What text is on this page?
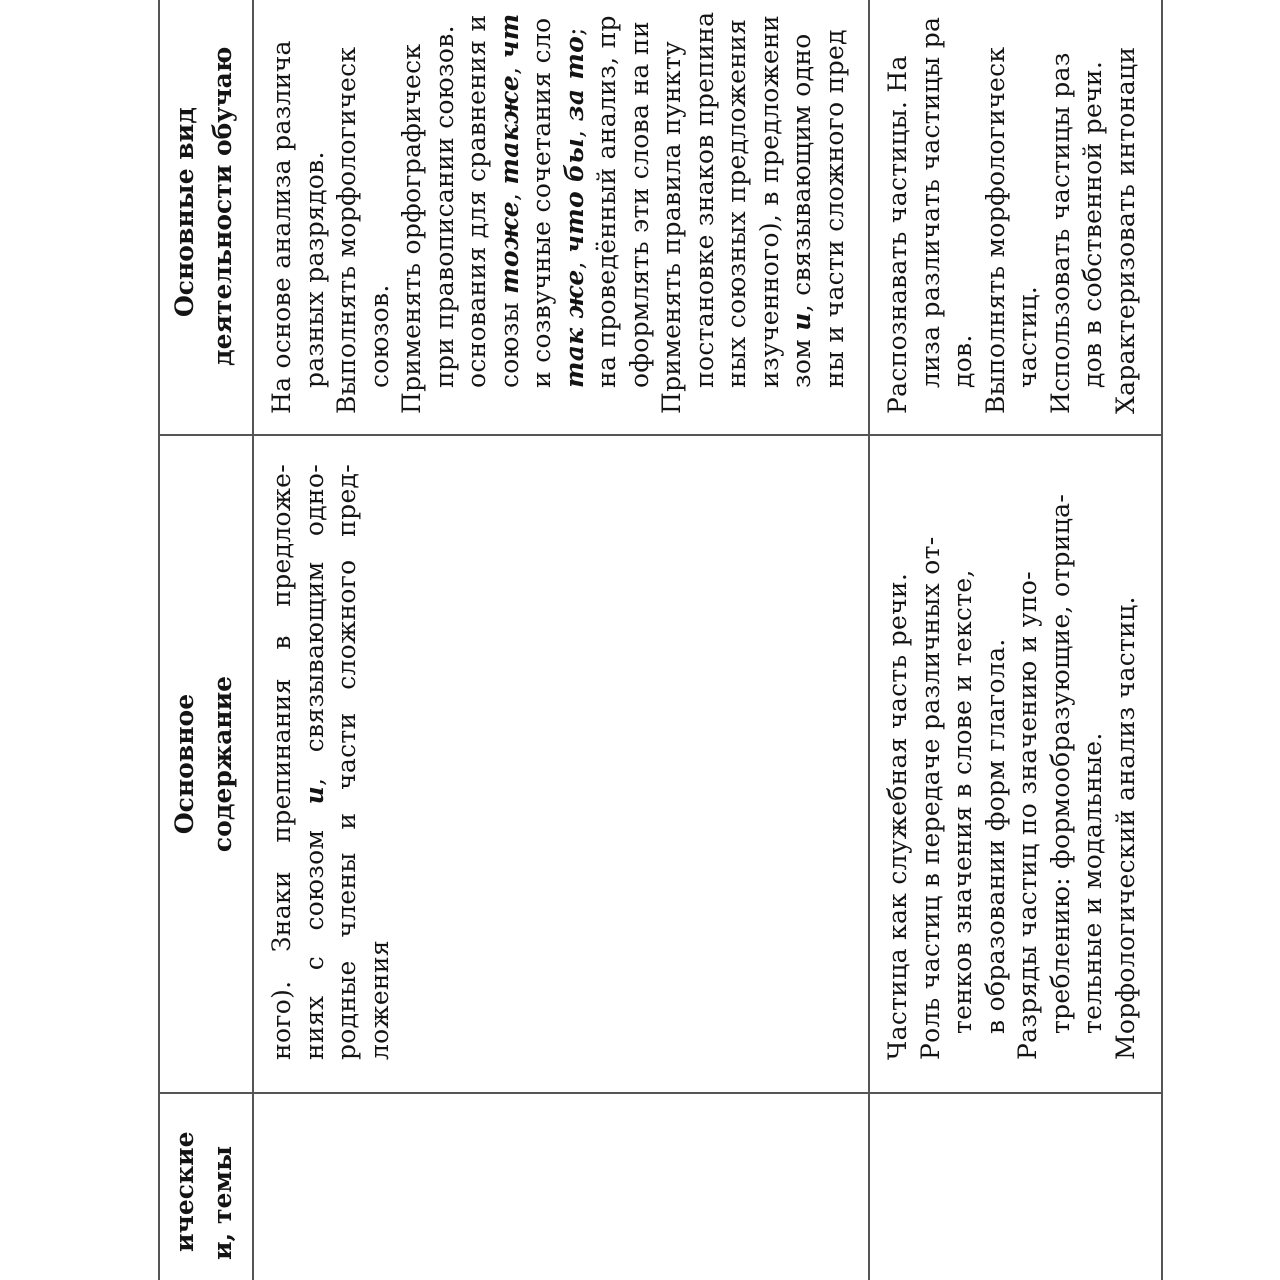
ические и, темы
Основное содержание
Основные вид деятельности обучаю
ного). Знаки препинания в предложе- ниях с союзом и, связывающим одно- родные члены и части сложного пред- ложения
На основе анализа различа разных разрядов. Выполнять морфологическ союзов. Применять орфографическ при правописании союзов. основания для сравнения и союзы тоже, также, чт и созвучные сочетания сло так же, что бы, за то; на проведённый анализ, пр оформлять эти слова на пи Применять правила пункту постановке знаков препина ных союзных предложения изученного), в предложени зом и, связывающим одно ны и части сложного пред
Частица как служебная часть речи. Роль частиц в передаче различных от- тенков значения в слове и тексте, в образовании форм глагола. Разряды частиц по значению и упо- треблению: формообразующие, отрица- тельные и модальные. Морфологический анализ частиц.
Распознавать частицы. На лиза различать частицы ра дов. Выполнять морфологическ частиц. Использовать частицы раз дов в собственной речи. Характеризовать интонаци
